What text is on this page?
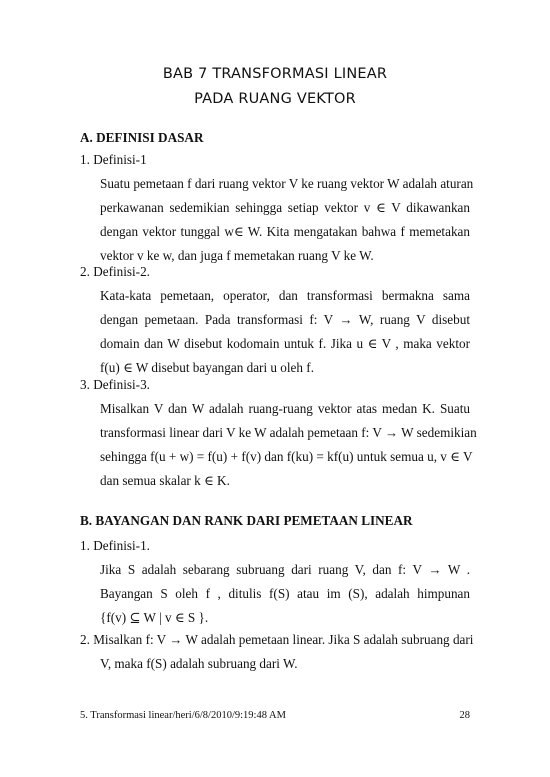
BAB 7 TRANSFORMASI LINEAR
PADA RUANG VEKTOR
A. DEFINISI DASAR
1. Definisi-1
Suatu pemetaan f dari ruang vektor V ke ruang vektor W adalah aturan
perkawanan sedemikian sehingga setiap vektor v ∈ V dikawankan
dengan vektor tunggal w∈ W. Kita mengatakan bahwa f memetakan
vektor v ke w, dan juga f memetakan ruang V ke W.
2. Definisi-2.
Kata-kata pemetaan, operator, dan transformasi bermakna sama
dengan pemetaan. Pada transformasi f: V → W, ruang V disebut
domain dan W disebut kodomain untuk f. Jika u ∈ V , maka vektor
f(u) ∈ W disebut bayangan dari u oleh f.
3. Definisi-3.
Misalkan V dan W adalah ruang-ruang vektor atas medan K. Suatu
transformasi linear dari V ke W adalah pemetaan f: V → W sedemikian
sehingga f(u + w) = f(u) + f(v) dan f(ku) = kf(u) untuk semua u, v ∈ V
dan semua skalar k ∈ K.
B. BAYANGAN DAN RANK DARI PEMETAAN LINEAR
1. Definisi-1.
Jika S adalah sebarang subruang dari ruang V, dan f: V → W .
Bayangan S oleh f , ditulis f(S) atau im (S), adalah himpunan
{f(v) ⊆ W | v ∈ S }.
2. Misalkan f: V → W adalah pemetaan linear. Jika S adalah subruang dari
V, maka f(S) adalah subruang dari W.
5. Transformasi linear/heri/6/8/2010/9:19:48 AM	28
